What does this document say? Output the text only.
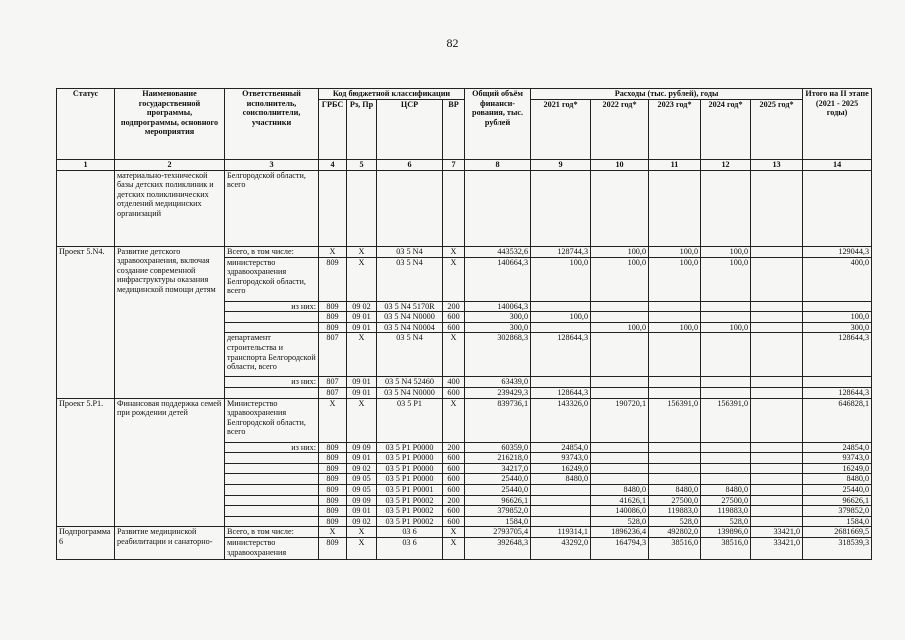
82
Статус	Наименование государственной программы, подпрограммы, основного мероприятия	Ответственный исполнитель, соисполнители, участники	Код бюджетной классификации				Общий объём финанси-рования, тыс. рублей	Расходы (тыс. рублей), годы					Итого на II этапе (2021 - 2025 годы)
			ГРБС	Рз, Пр	ЦСР	ВР		2021 год*	2022 год*	2023 год*	2024 год*	2025 год*	
1	2	3	4	5	6	7	8	9	10	11	12	13	14
	материально-технической базы детских поликлиник и детских поликлинических отделений медицинских организаций	Белгородской области, всего											
Проект 5.N4.	Развитие детского здравоохранения, включая создание современной инфраструктуры оказания медицинской помощи детям	Всего, в том числе:	X	X	03 5 N4	X	443532,6	128744,3	100,0	100,0	100,0		129044,3
		министерство здравоохранения Белгородской области, всего	809	X	03 5 N4	X	140664,3	100,0	100,0	100,0	100,0		400,0
		из них:	809	09 02	03 5 N4 5170R	200	140064,3						
			809	09 01	03 5 N4 N0000	600	300,0	100,0					100,0
			809	09 01	03 5 N4 N0004	600	300,0		100,0	100,0	100,0		300,0
		департамент строительства и транспорта Белгородской области, всего	807	X	03 5 N4	X	302868,3	128644,3					128644,3
		из них:	807	09 01	03 5 N4 52460	400	63439,0						
			807	09 01	03 5 N4 N0000	600	239429,3	128644,3					128644,3
Проект 5.P1.	Финансовая поддержка семей при рождении детей	Министерство здравоохранения Белгородской области, всего	X	X	03 5 P1	X	839736,1	143326,0	190720,1	156391,0	156391,0		646828,1
		из них:	809	09 09	03 5 P1 P0000	200	60359,0	24854,0					24854,0
			809	09 01	03 5 P1 P0000	600	216218,0	93743,0					93743,0
			809	09 02	03 5 P1 P0000	600	34217,0	16249,0					16249,0
			809	09 05	03 5 P1 P0000	600	25440,0	8480,0					8480,0
			809	09 05	03 5 P1 P0001	600	25440,0		8480,0	8480,0	8480,0		25440,0
			809	09 09	03 5 P1 P0002	200	96626,1		41626,1	27500,0	27500,0		96626,1
			809	09 01	03 5 P1 P0002	600	379852,0		140086,0	119883,0	119883,0		379852,0
			809	09 02	03 5 P1 P0002	600	1584,0		528,0	528,0	528,0		1584,0
Подпрограмма 6	Развитие медицинской реабилитации и санаторно-	Всего, в том числе:	X	X	03 6	X	2793705,4	119314,1	1896236,4	492802,0	139896,0	33421,0	2681669,5
		министерство здравоохранения	809	X	03 6	X	392648,3	43292,0	164794,3	38516,0	38516,0	33421,0	318539,3
